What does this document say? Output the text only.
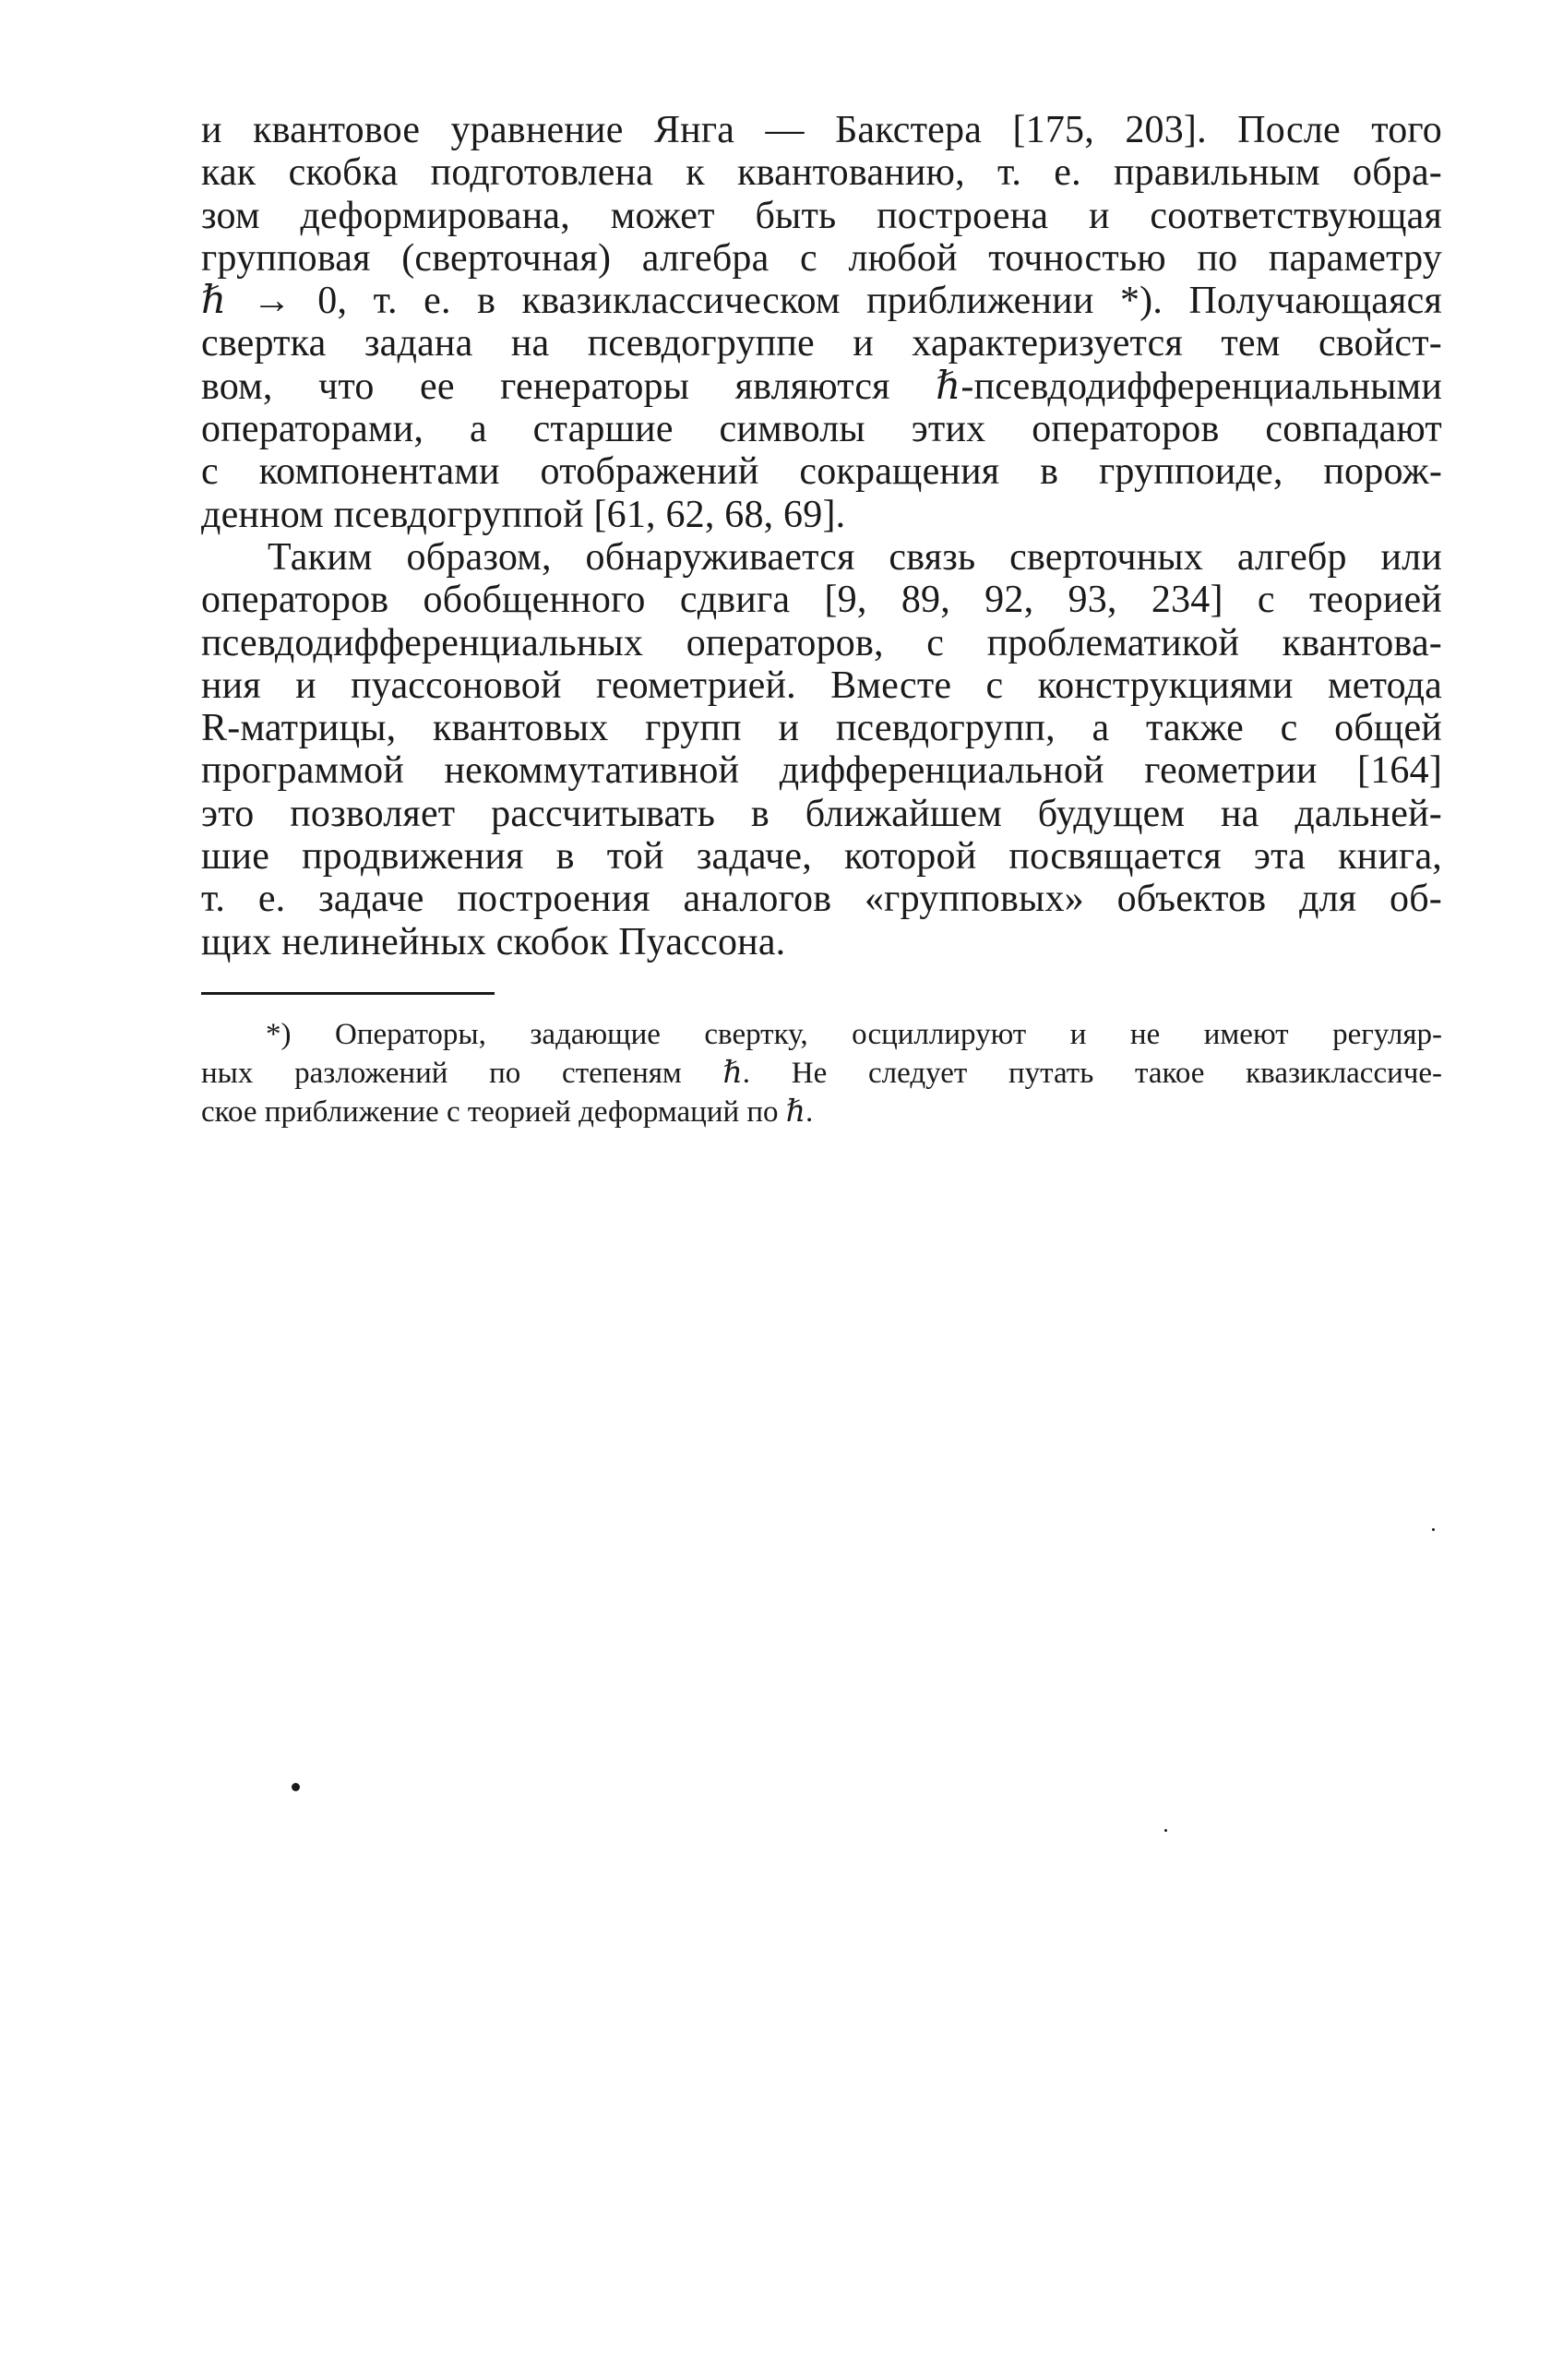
и квантовое уравнение Янга — Бакстера [175, 203]. После того
как скобка подготовлена к квантованию, т. е. правильным обра-
зом деформирована, может быть построена и соответствующая
групповая (сверточная) алгебра с любой точностью по параметру
ℏ → 0, т. е. в квазиклассическом приближении *). Получающаяся
свертка задана на псевдогруппе и характеризуется тем свойст-
вом, что ее генераторы являются ℏ-псевдодифференциальными
операторами, а старшие символы этих операторов совпадают
с компонентами отображений сокращения в группоиде, порож-
денном псевдогруппой [61, 62, 68, 69].

Таким образом, обнаруживается связь сверточных алгебр или
операторов обобщенного сдвига [9, 89, 92, 93, 234] с теорией
псевдодифференциальных операторов, с проблематикой квантова-
ния и пуассоновой геометрией. Вместе с конструкциями метода
R-матрицы, квантовых групп и псевдогрупп, а также с общей
программой некоммутативной дифференциальной геометрии [164]
это позволяет рассчитывать в ближайшем будущем на дальней-
шие продвижения в той задаче, которой посвящается эта книга,
т. е. задаче построения аналогов «групповых» объектов для об-
щих нелинейных скобок Пуассона.

*) Операторы, задающие свертку, осциллируют и не имеют регуляр-
ных разложений по степеням ℏ. Не следует путать такое квазиклассиче-
ское приближение с теорией деформаций по ℏ.
